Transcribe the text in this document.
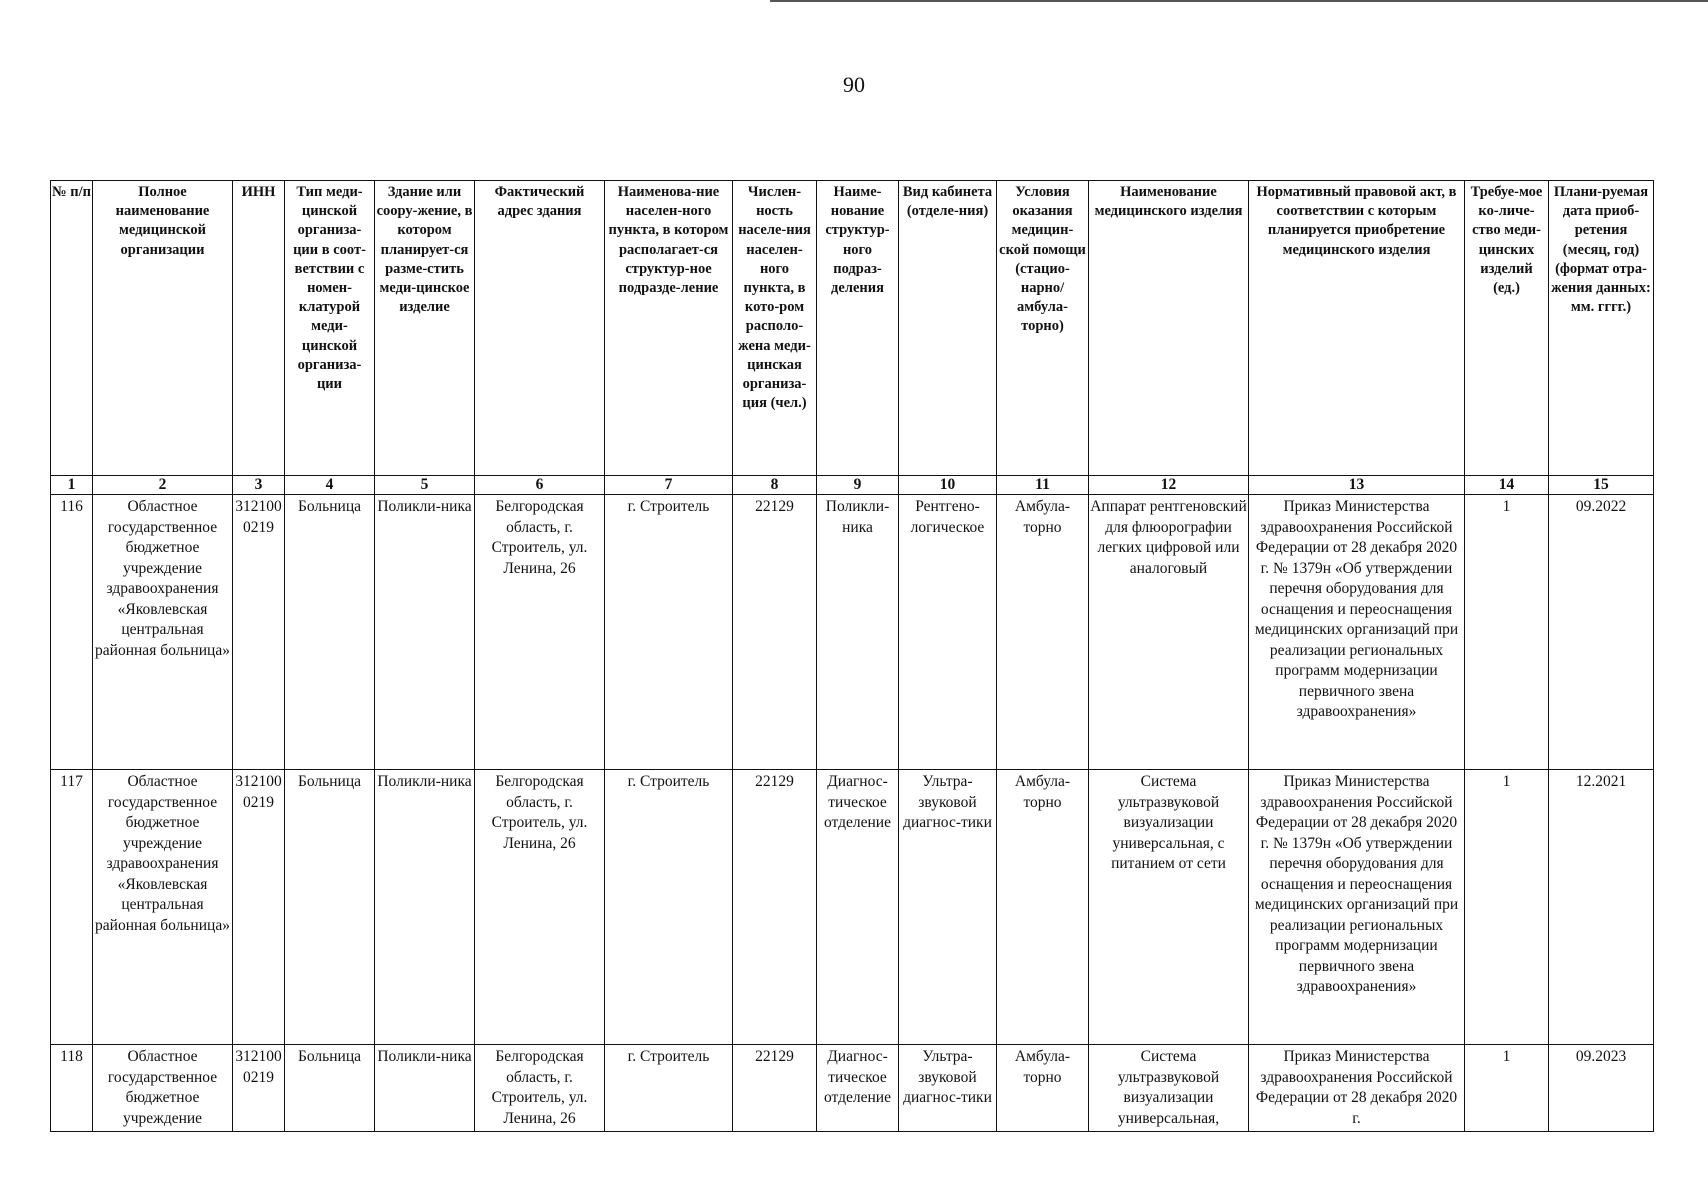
90
№ п/п	Полное наименование медицинской организации	ИНН	Тип меди-цинской организа-ции в соот-ветствии с номен-клатурой меди-цинской организа-ции	Здание или соору-жение, в котором планирует-ся разме-стить меди-цинское изделие	Фактический адрес здания	Наименова-ние населен-ного пункта, в котором располагает-ся структур-ное подразде-ление	Числен-ность населе-ния населен-ного пункта, в кото-ром располо-жена меди-цинская организа-ция (чел.)	Наиме-нование структур-ного подраз-деления	Вид кабинета (отделе-ния)	Условия оказания медицин-ской помощи (стацио-нарно/ амбула-торно)	Наименование медицинского изделия	Нормативный правовой акт, в соответствии с которым планируется приобретение медицинского изделия	Требуе-мое ко-личе-ство меди-цинских изделий (ед.)	Плани-руемая дата приоб-ретения (месяц, год) (формат отра-жения данных: мм. гггг.)
1	2	3	4	5	6	7	8	9	10	11	12	13	14	15
116	Областное государственное бюджетное учреждение здравоохранения «Яковлевская центральная районная больница»	3121000219	Больница	Поликли-ника	Белгородская область, г. Строитель, ул. Ленина, 26	г. Строитель	22129	Поликли-ника	Рентгено-логическое	Амбула-торно	Аппарат рентгеновский для флюорографии легких цифровой или аналоговый	Приказ Министерства здравоохранения Российской Федерации от 28 декабря 2020 г. № 1379н «Об утверждении перечня оборудования для оснащения и переоснащения медицинских организаций при реализации региональных программ модернизации первичного звена здравоохранения»	1	09.2022
117	Областное государственное бюджетное учреждение здравоохранения «Яковлевская центральная районная больница»	3121000219	Больница	Поликли-ника	Белгородская область, г. Строитель, ул. Ленина, 26	г. Строитель	22129	Диагнос-тическое отделение	Ультра-звуковой диагнос-тики	Амбула-торно	Система ультразвуковой визуализации универсальная, с питанием от сети	Приказ Министерства здравоохранения Российской Федерации от 28 декабря 2020 г. № 1379н «Об утверждении перечня оборудования для оснащения и переоснащения медицинских организаций при реализации региональных программ модернизации первичного звена здравоохранения»	1	12.2021
118	Областное государственное бюджетное учреждение	3121000219	Больница	Поликли-ника	Белгородская область, г. Строитель, ул. Ленина, 26	г. Строитель	22129	Диагнос-тическое отделение	Ультра-звуковой диагнос-тики	Амбула-торно	Система ультразвуковой визуализации универсальная,	Приказ Министерства здравоохранения Российской Федерации от 28 декабря 2020 г.	1	09.2023
